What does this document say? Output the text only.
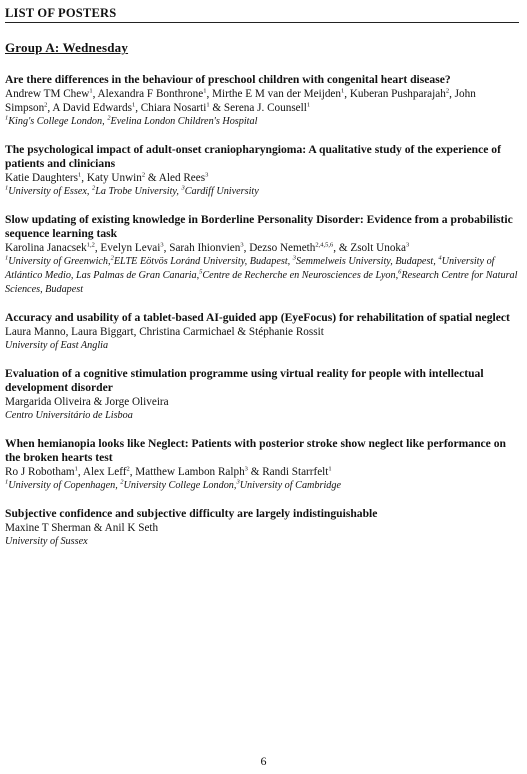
LIST OF POSTERS
Group A: Wednesday
Are there differences in the behaviour of preschool children with congenital heart disease?
Andrew TM Chew$^1$, Alexandra F Bonthrone$^1$, Mirthe E M van der Meijden$^1$, Kuberan Pushparajah$^2$, John Simpson$^2$, A David Edwards$^1$, Chiara Nosarti$^1$ & Serena J. Counsell$^1$
$^1$King's College London, $^2$Evelina London Children's Hospital
The psychological impact of adult-onset craniopharyngioma: A qualitative study of the experience of patients and clinicians
Katie Daughters$^1$, Katy Unwin$^2$ & Aled Rees$^3$
$^1$University of Essex, $^2$La Trobe University, $^3$Cardiff University
Slow updating of existing knowledge in Borderline Personality Disorder: Evidence from a probabilistic sequence learning task
Karolina Janacsek$^{1,2}$, Evelyn Levai$^3$, Sarah Ihionvien$^3$, Dezso Nemeth$^{2,4,5,6}$, & Zsolt Unoka$^3$
$^1$University of Greenwich,$^2$ELTE Eötvös Loránd University, Budapest, $^3$Semmelweis University, Budapest, $^4$University of Atlántico Medio, Las Palmas de Gran Canaria,$^5$Centre de Recherche en Neurosciences de Lyon,$^6$Research Centre for Natural Sciences, Budapest
Accuracy and usability of a tablet-based AI-guided app (EyeFocus) for rehabilitation of spatial neglect
Laura Manno, Laura Biggart, Christina Carmichael & Stéphanie Rossit
University of East Anglia
Evaluation of a cognitive stimulation programme using virtual reality for people with intellectual development disorder
Margarida Oliveira & Jorge Oliveira
Centro Universitário de Lisboa
When hemianopia looks like Neglect: Patients with posterior stroke show neglect like performance on the broken hearts test
Ro J Robotham$^1$, Alex Leff$^2$, Matthew Lambon Ralph$^3$ & Randi Starrfelt$^1$
$^1$University of Copenhagen, $^2$University College London,$^3$University of Cambridge
Subjective confidence and subjective difficulty are largely indistinguishable
Maxine T Sherman & Anil K Seth
University of Sussex
6
